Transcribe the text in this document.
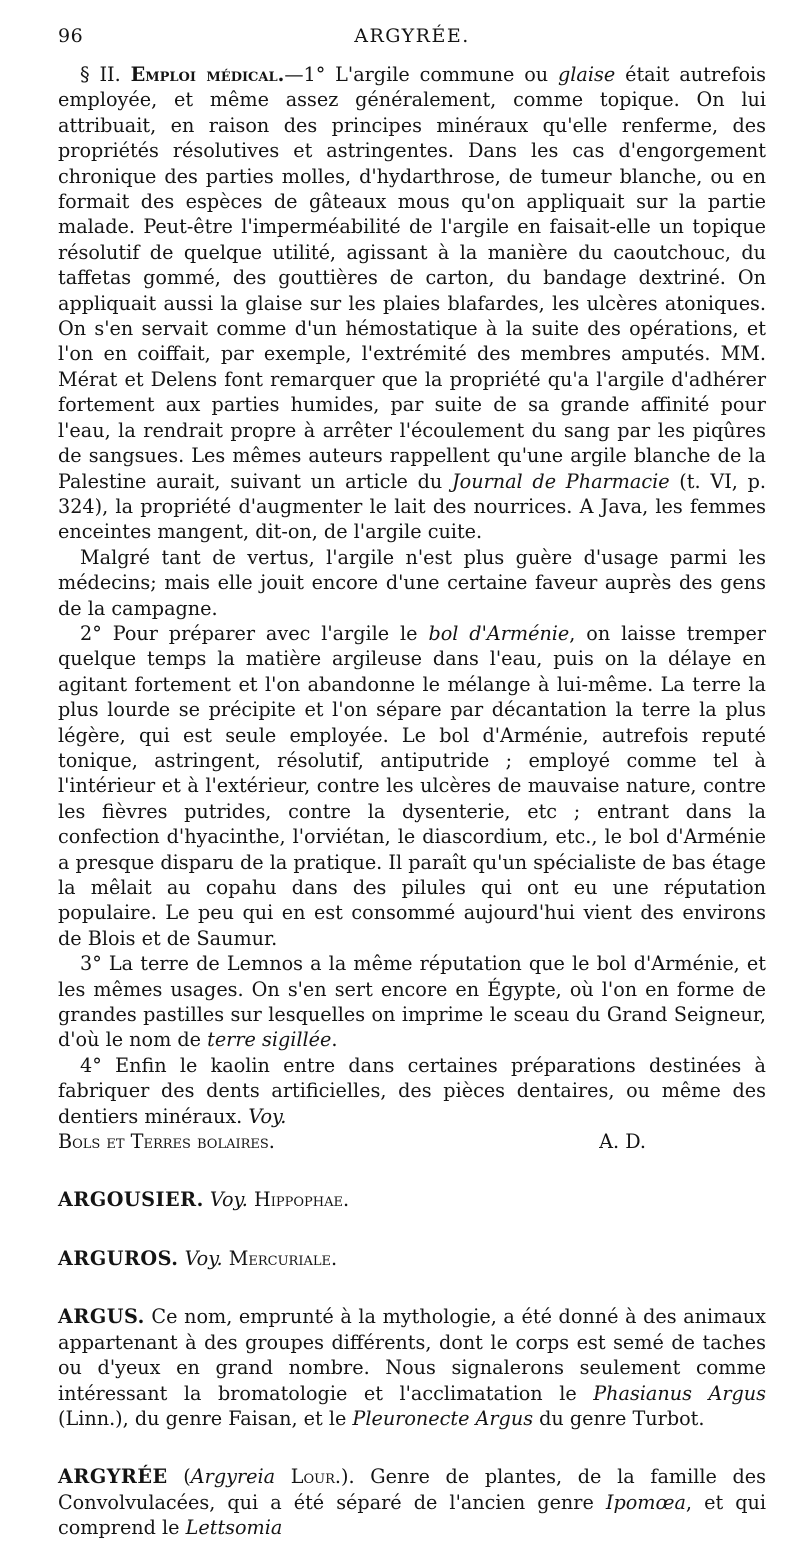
96	ARGYRÉE.

§ II. Emploi médical.—1° L'argile commune ou glaise était autrefois employée, et même assez généralement, comme topique. On lui attribuait, en raison des principes minéraux qu'elle renferme, des propriétés résolutives et astringentes. Dans les cas d'engorgement chronique des parties molles, d'hydarthrose, de tumeur blanche, ou en formait des espèces de gâteaux mous qu'on appliquait sur la partie malade. Peut-être l'imperméabilité de l'argile en faisait-elle un topique résolutif de quelque utilité, agissant à la manière du caoutchouc, du taffetas gommé, des gouttières de carton, du bandage dextriné. On appliquait aussi la glaise sur les plaies blafardes, les ulcères atoniques. On s'en servait comme d'un hémostatique à la suite des opérations, et l'on en coiffait, par exemple, l'extrémité des membres amputés. MM. Mérat et Delens font remarquer que la propriété qu'a l'argile d'adhérer fortement aux parties humides, par suite de sa grande affinité pour l'eau, la rendrait propre à arrêter l'écoulement du sang par les piqûres de sangsues. Les mêmes auteurs rappellent qu'une argile blanche de la Palestine aurait, suivant un article du Journal de Pharmacie (t. VI, p. 324), la propriété d'augmenter le lait des nourrices. A Java, les femmes enceintes mangent, dit-on, de l'argile cuite.

Malgré tant de vertus, l'argile n'est plus guère d'usage parmi les médecins; mais elle jouit encore d'une certaine faveur auprès des gens de la campagne.

2° Pour préparer avec l'argile le bol d'Arménie, on laisse tremper quelque temps la matière argileuse dans l'eau, puis on la délaye en agitant fortement et l'on abandonne le mélange à lui-même. La terre la plus lourde se précipite et l'on sépare par décantation la terre la plus légère, qui est seule employée. Le bol d'Arménie, autrefois reputé tonique, astringent, résolutif, antiputride ; employé comme tel à l'intérieur et à l'extérieur, contre les ulcères de mauvaise nature, contre les fièvres putrides, contre la dysenterie, etc ; entrant dans la confection d'hyacinthe, l'orviétan, le diascordium, etc., le bol d'Arménie a presque disparu de la pratique. Il paraît qu'un spécialiste de bas étage la mêlait au copahu dans des pilules qui ont eu une réputation populaire. Le peu qui en est consommé aujourd'hui vient des environs de Blois et de Saumur.

3° La terre de Lemnos a la même réputation que le bol d'Arménie, et les mêmes usages. On s'en sert encore en Égypte, où l'on en forme de grandes pastilles sur lesquelles on imprime le sceau du Grand Seigneur, d'où le nom de terre sigillée.

4° Enfin le kaolin entre dans certaines préparations destinées à fabriquer des dents artificielles, des pièces dentaires, ou même des dentiers minéraux. Voy.

Bols et Terres bolaires.	A. D.

ARGOUSIER. Voy. Hippophae.

ARGUROS. Voy. Mercuriale.

ARGUS. Ce nom, emprunté à la mythologie, a été donné à des animaux appartenant à des groupes différents, dont le corps est semé de taches ou d'yeux en grand nombre. Nous signalerons seulement comme intéressant la bromatologie et l'acclimatation le Phasianus Argus (Linn.), du genre Faisan, et le Pleuronecte Argus du genre Turbot.

ARGYRÉE (Argyreia Lour.). Genre de plantes, de la famille des Convolvulacées, qui a été séparé de l'ancien genre Ipomœa, et qui comprend le Lettsomia
